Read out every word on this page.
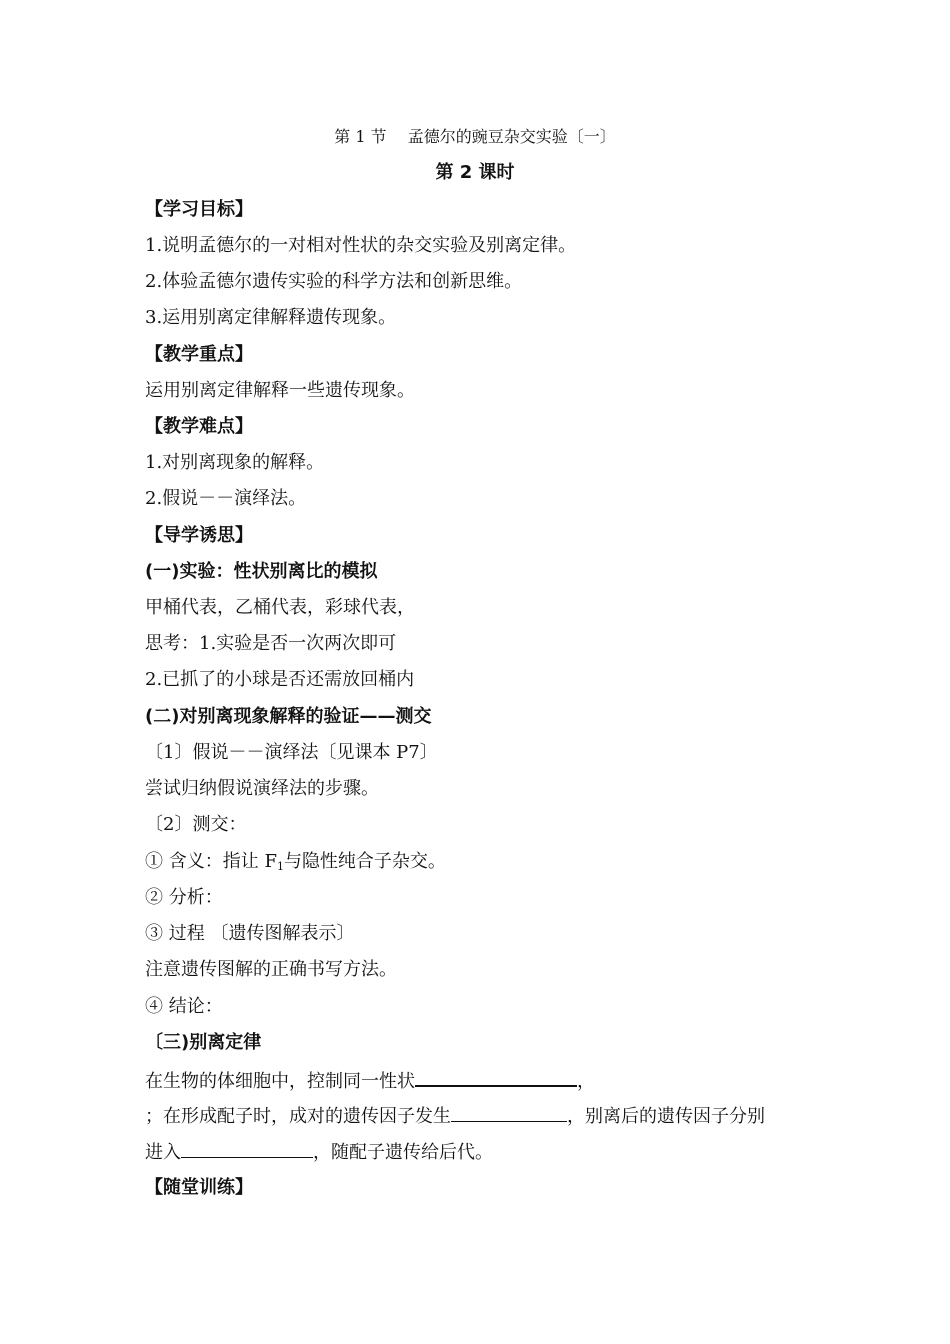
第 1 节　 孟德尔的豌豆杂交实验〔一〕
第 2 课时
【学习目标】
1.说明孟德尔的一对相对性状的杂交实验及别离定律。
2.体验孟德尔遗传实验的科学方法和创新思维。
3.运用别离定律解释遗传现象。
【教学重点】
运用别离定律解释一些遗传现象。
【教学难点】
1.对别离现象的解释。
2.假说－－演绎法。
【导学诱思】
(一)实验：性状别离比的模拟
甲桶代表，乙桶代表，彩球代表，
思考：1.实验是否一次两次即可
2.已抓了的小球是否还需放回桶内
(二)对别离现象解释的验证——测交
〔1〕假说－－演绎法〔见课本 P7〕
尝试归纳假说演绎法的步骤。
〔2〕测交：
① 含义：指让 $F_1$与隐性纯合子杂交。
② 分析：
③ 过程 〔遗传图解表示〕
注意遗传图解的正确书写方法。
④ 结论：
〔三)别离定律
在生物的体细胞中，控制同一性状	，
；在形成配子时，成对的遗传因子发生	，别离后的遗传因子分别
进入	，随配子遗传给后代。
【随堂训练】
